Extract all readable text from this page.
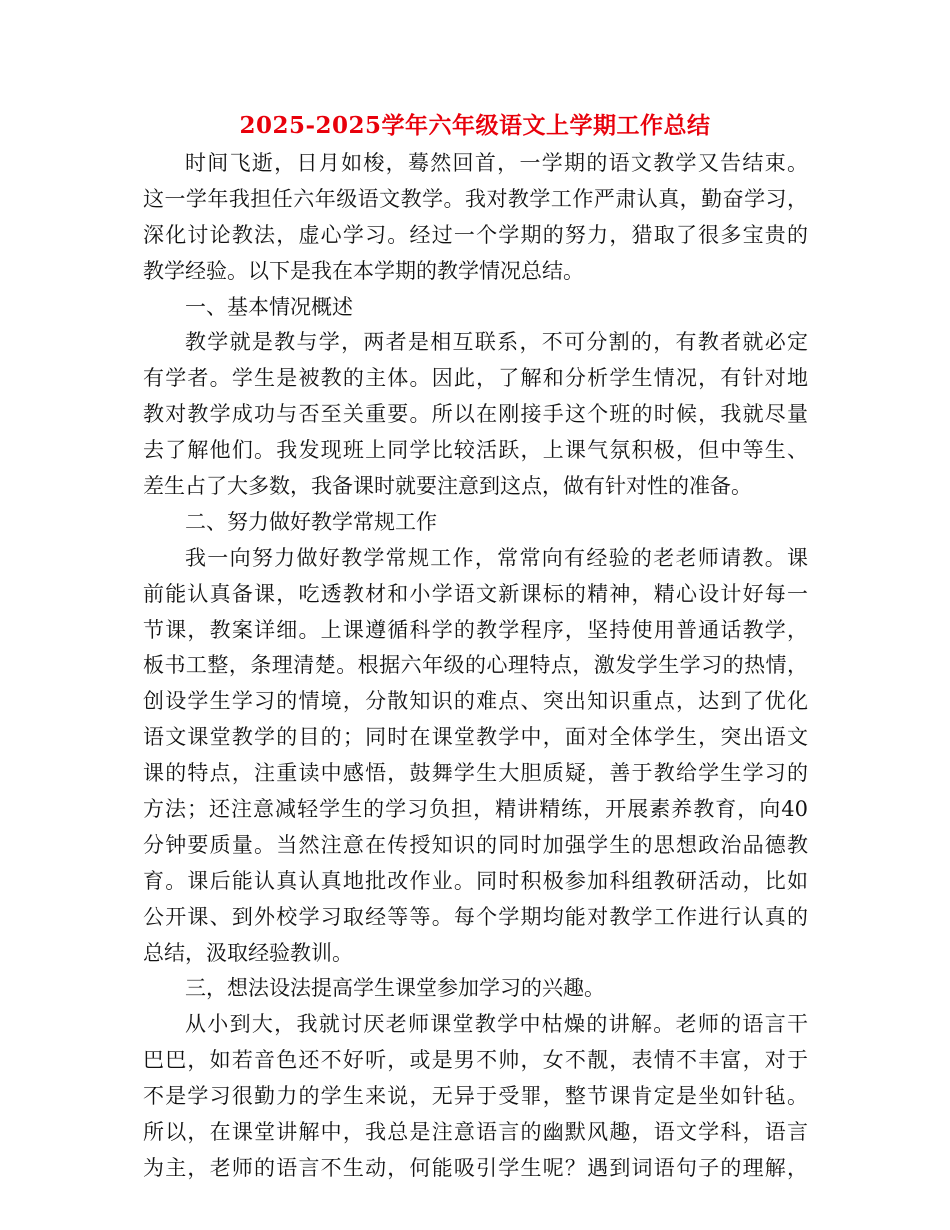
2025-2025学年六年级语文上学期工作总结
时间飞逝，日月如梭，蓦然回首，一学期的语文教学又告结束。
这一学年我担任六年级语文教学。我对教学工作严肃认真，勤奋学习，
深化讨论教法，虚心学习。经过一个学期的努力，猎取了很多宝贵的
教学经验。以下是我在本学期的教学情况总结。
一、基本情况概述
教学就是教与学，两者是相互联系，不可分割的，有教者就必定
有学者。学生是被教的主体。因此，了解和分析学生情况，有针对地
教对教学成功与否至关重要。所以在刚接手这个班的时候，我就尽量
去了解他们。我发现班上同学比较活跃，上课气氛积极，但中等生、
差生占了大多数，我备课时就要注意到这点，做有针对性的准备。
二、努力做好教学常规工作
我一向努力做好教学常规工作，常常向有经验的老老师请教。课
前能认真备课，吃透教材和小学语文新课标的精神，精心设计好每一
节课，教案详细。上课遵循科学的教学程序，坚持使用普通话教学，
板书工整，条理清楚。根据六年级的心理特点，激发学生学习的热情，
创设学生学习的情境，分散知识的难点、突出知识重点，达到了优化
语文课堂教学的目的；同时在课堂教学中，面对全体学生，突出语文
课的特点，注重读中感悟，鼓舞学生大胆质疑，善于教给学生学习的
方法；还注意减轻学生的学习负担，精讲精练，开展素养教育，向40
分钟要质量。当然注意在传授知识的同时加强学生的思想政治品德教
育。课后能认真认真地批改作业。同时积极参加科组教研活动，比如
公开课、到外校学习取经等等。每个学期均能对教学工作进行认真的
总结，汲取经验教训。
三，想法设法提高学生课堂参加学习的兴趣。
从小到大，我就讨厌老师课堂教学中枯燥的讲解。老师的语言干
巴巴，如若音色还不好听，或是男不帅，女不靓，表情不丰富，对于
不是学习很勤力的学生来说，无异于受罪，整节课肯定是坐如针毡。
所以，在课堂讲解中，我总是注意语言的幽默风趣，语文学科，语言
为主，老师的语言不生动，何能吸引学生呢？遇到词语句子的理解，
